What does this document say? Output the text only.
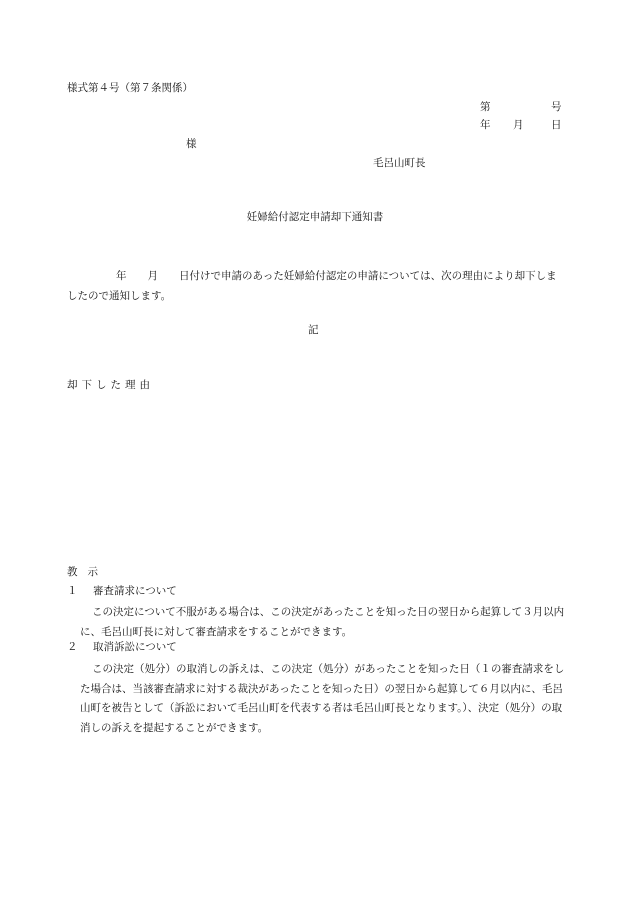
様式第４号（第７条関係）
第	号
年 月	日
様
毛呂山町長
妊婦給付認定申請却下通知書
年 月 日付けで申請のあった妊婦給付認定の申請については、次の理由により却下しましたので通知します。
記
却下した理由
教示
１ 審査請求について
この決定について不服がある場合は、この決定があったことを知った日の翌日から起算して３月以内に、毛呂山町長に対して審査請求をすることができます。
２ 取消訴訟について
この決定（処分）の取消しの訴えは、この決定（処分）があったことを知った日（１の審査請求をした場合は、当該審査請求に対する裁決があったことを知った日）の翌日から起算して６月以内に、毛呂山町を被告として（訴訟において毛呂山町を代表する者は毛呂山町長となります。）、決定（処分）の取消しの訴えを提起することができます。
